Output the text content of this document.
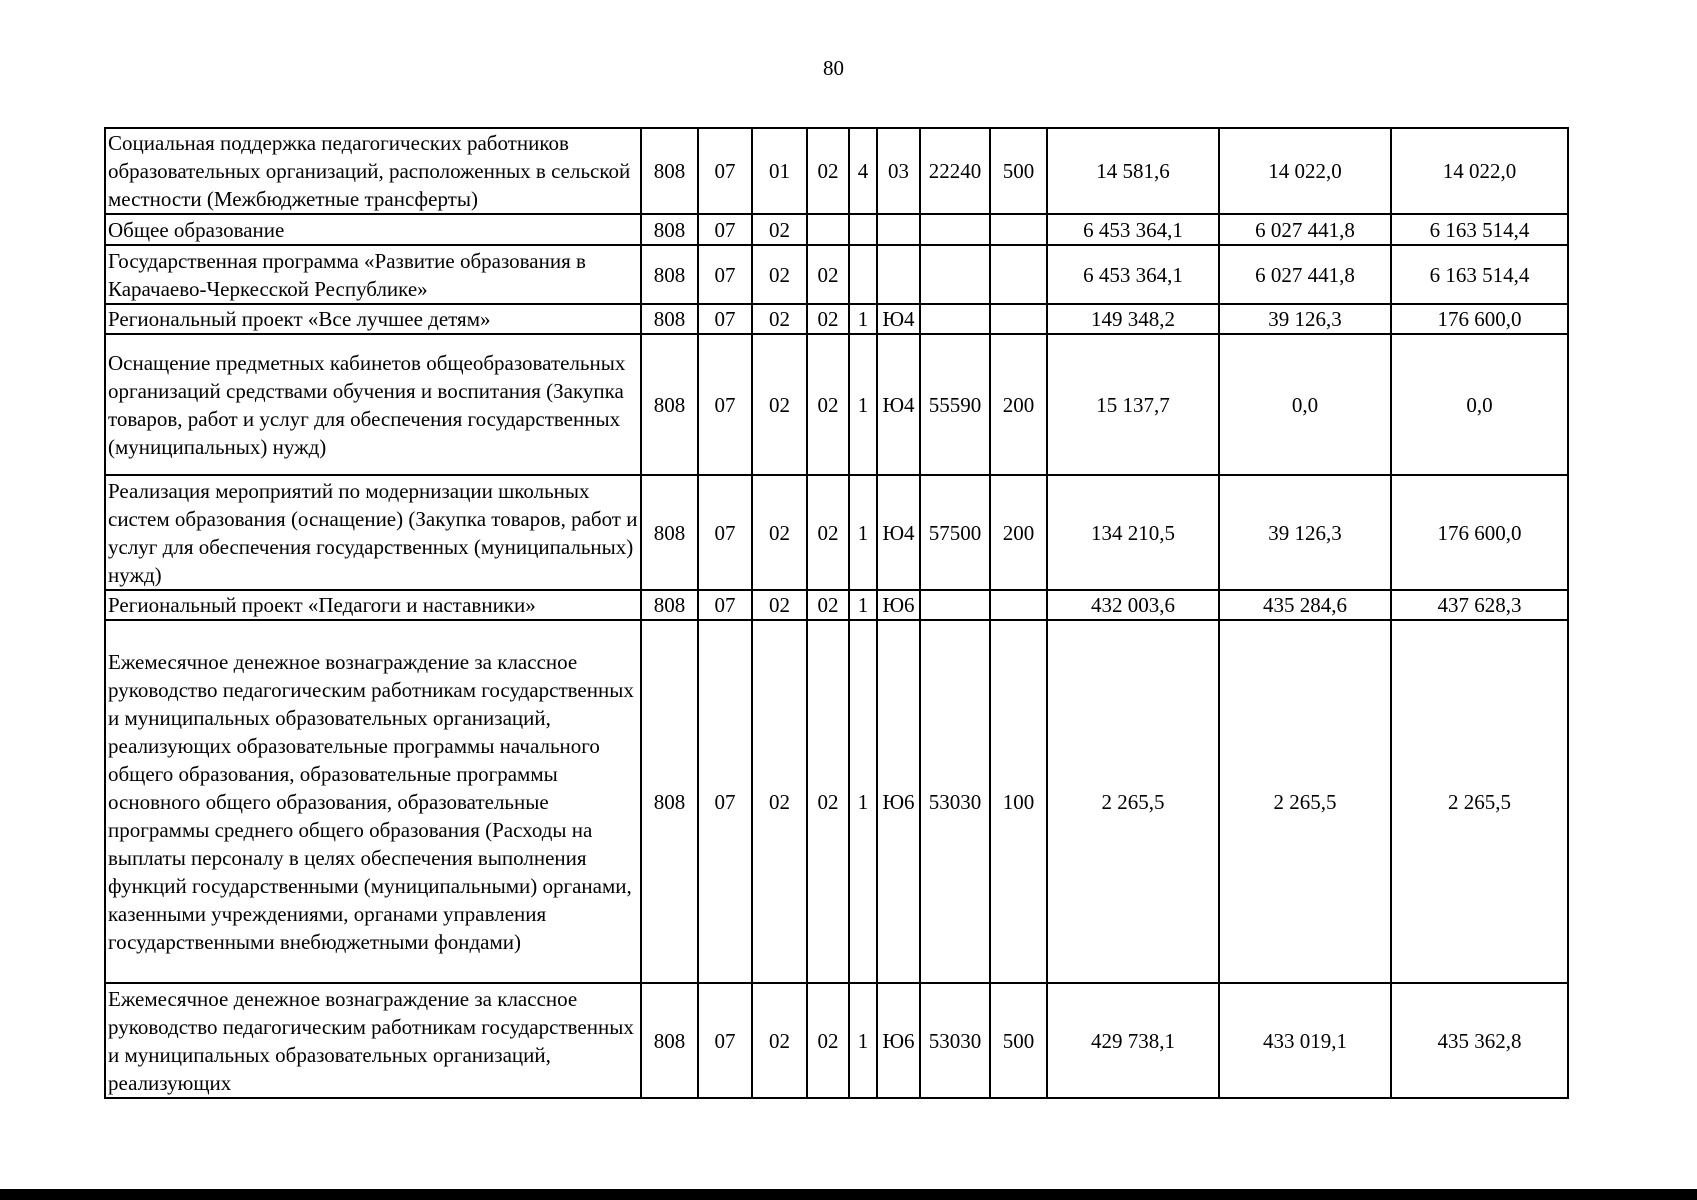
80
Социальная поддержка педагогических работников образовательных организаций, расположенных в сельской местности (Межбюджетные трансферты)	808	07	01	02	4	03	22240	500	14 581,6	14 022,0	14 022,0
Общее образование	808	07	02						6 453 364,1	6 027 441,8	6 163 514,4
Государственная программа «Развитие образования в Карачаево-Черкесской Республике»	808	07	02	02					6 453 364,1	6 027 441,8	6 163 514,4
Региональный проект «Все лучшее детям»	808	07	02	02	1	Ю4			149 348,2	39 126,3	176 600,0
Оснащение предметных кабинетов общеобразовательных организаций средствами обучения и воспитания (Закупка товаров, работ и услуг для обеспечения государственных (муниципальных) нужд)	808	07	02	02	1	Ю4	55590	200	15 137,7	0,0	0,0
Реализация мероприятий по модернизации школьных систем образования (оснащение) (Закупка товаров, работ и услуг для обеспечения государственных (муниципальных) нужд)	808	07	02	02	1	Ю4	57500	200	134 210,5	39 126,3	176 600,0
Региональный проект «Педагоги и наставники»	808	07	02	02	1	Ю6			432 003,6	435 284,6	437 628,3
Ежемесячное денежное вознаграждение за классное руководство педагогическим работникам государственных и муниципальных образовательных организаций, реализующих образовательные программы начального общего образования, образовательные программы основного общего образования, образовательные программы среднего общего образования (Расходы на выплаты персоналу в целях обеспечения выполнения функций государственными (муниципальными) органами, казенными учреждениями, органами управления государственными внебюджетными фондами)	808	07	02	02	1	Ю6	53030	100	2 265,5	2 265,5	2 265,5
Ежемесячное денежное вознаграждение за классное руководство педагогическим работникам государственных и муниципальных образовательных организаций, реализующих	808	07	02	02	1	Ю6	53030	500	429 738,1	433 019,1	435 362,8
